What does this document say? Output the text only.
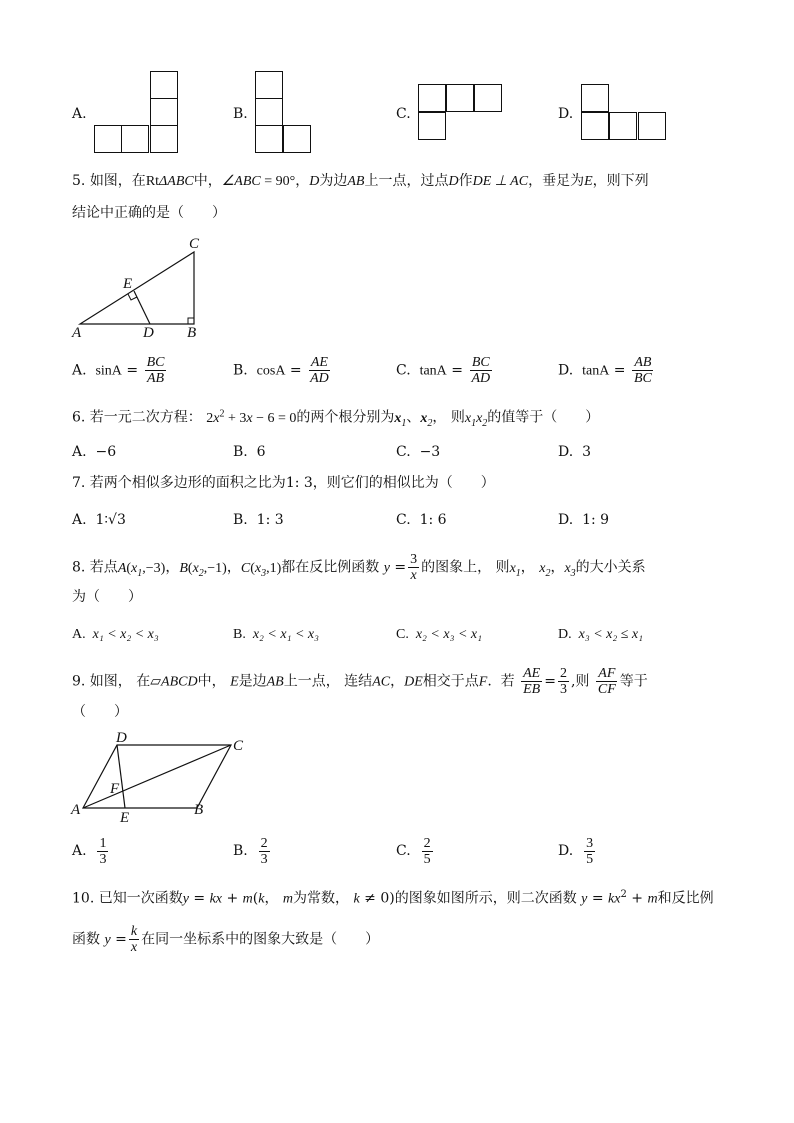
A.	B.	C.	D.
5. 如图，在RtΔABC中，∠ABC = 90°，D为边AB上一点，过点D作DE ⊥ AC，垂足为E，则下列
结论中正确的是（　　）
C
E
A	D B
A. $\sin A = \frac{BC}{AB}$	B. $\cos A = \frac{AE}{AD}$	C. $\tan A = \frac{BC}{AD}$	D. $\tan A = \frac{AB}{BC}$
6. 若一元二次方程： $2x^2 + 3x - 6 = 0$的两个根分别为$x_1$、$x_2$， 则$x_1x_2$的值等于（　　）
A. −6	B. 6	C. −3	D. 3
7. 若两个相似多边形的面积之比为1: 3，则它们的相似比为（　　）
A. 1∶√3	B. 1: 3	C. 1: 6	D. 1: 9
8. 若点$A(x_1,-3)$，$B(x_2,-1)$，$C(x_3,1)$都在反比例函数 $y = \frac{3}{x}$ 的图象上， 则$x_1$， $x_2$，$x_3$的大小关系
为（　　）
A. x₁ < x₂ < x₃	B. x₂ < x₁ < x₃	C. x₂ < x₃ < x₁	D. x₃ < x₂ ≤ x₁
9. 如图， 在▱ABCD中， E是边AB上一点， 连结AC，DE相交于点F.  若 $\frac{AE}{EB} = \frac{2}{3}$ ,则 $\frac{AF}{CF}$ 等于
（　　）
D	C
F
A	E	B
A. $\frac{1}{3}$	B. $\frac{2}{3}$	C. $\frac{2}{5}$	D. $\frac{3}{5}$
10. 已知一次函数y = kx + m(k， m为常数， k ≠ 0)的图象如图所示，则二次函数 $y = kx^2 + m$和反比例
函数 $y = \frac{k}{x}$ 在同一坐标系中的图象大致是（　　）
